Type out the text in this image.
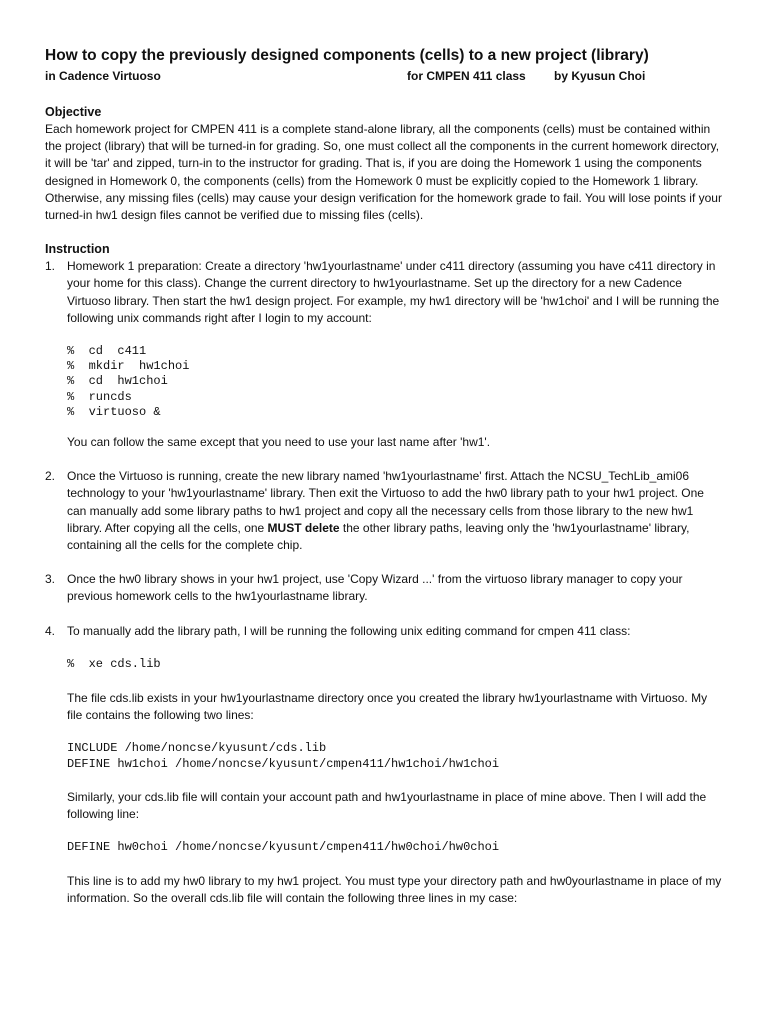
How to copy the previously designed components (cells) to a new project (library)
in Cadence Virtuoso	for CMPEN 411 class by Kyusun Choi
Objective

Each homework project for CMPEN 411 is a complete stand-alone library, all the components (cells) must be contained within the project (library) that will be turned-in for grading. So, one must collect all the components in the current homework directory, it will be 'tar' and zipped, turn-in to the instructor for grading. That is, if you are doing the Homework 1 using the components designed in Homework 0, the components (cells) from the Homework 0 must be explicitly copied to the Homework 1 library. Otherwise, any missing files (cells) may cause your design verification for the homework grade to fail. You will lose points if your turned-in hw1 design files cannot be verified due to missing files (cells).

Instruction
1. Homework 1 preparation: Create a directory 'hw1yourlastname' under c411 directory (assuming you have c411 directory in your home for this class). Change the current directory to hw1yourlastname. Set up the directory for a new Cadence Virtuoso library. Then start the hw1 design project. For example, my hw1 directory will be 'hw1choi' and I will be running the following unix commands right after I login to my account:

%  cd  c411
%  mkdir  hw1choi
%  cd  hw1choi
%  runcds
%  virtuoso &

You can follow the same except that you need to use your last name after 'hw1'.

2. Once the Virtuoso is running, create the new library named 'hw1yourlastname' first. Attach the NCSU_TechLib_ami06 technology to your 'hw1yourlastname' library. Then exit the Virtuoso to add the hw0 library path to your hw1 project. One can manually add some library paths to hw1 project and copy all the necessary cells from those library to the new hw1 library. After copying all the cells, one MUST delete the other library paths, leaving only the 'hw1yourlastname' library, containing all the cells for the complete chip.

3. Once the hw0 library shows in your hw1 project, use 'Copy Wizard ...' from the virtuoso library manager to copy your previous homework cells to the hw1yourlastname library.

4. To manually add the library path, I will be running the following unix editing command for cmpen 411 class:

%  xe cds.lib

The file cds.lib exists in your hw1yourlastname directory once you created the library hw1yourlastname with Virtuoso. My file contains the following two lines:

INCLUDE /home/noncse/kyusunt/cds.lib
DEFINE hw1choi /home/noncse/kyusunt/cmpen411/hw1choi/hw1choi

Similarly, your cds.lib file will contain your account path and hw1yourlastname in place of mine above. Then I will add the following line:

DEFINE hw0choi /home/noncse/kyusunt/cmpen411/hw0choi/hw0choi

This line is to add my hw0 library to my hw1 project. You must type your directory path and hw0yourlastname in place of my information. So the overall cds.lib file will contain the following three lines in my case:
